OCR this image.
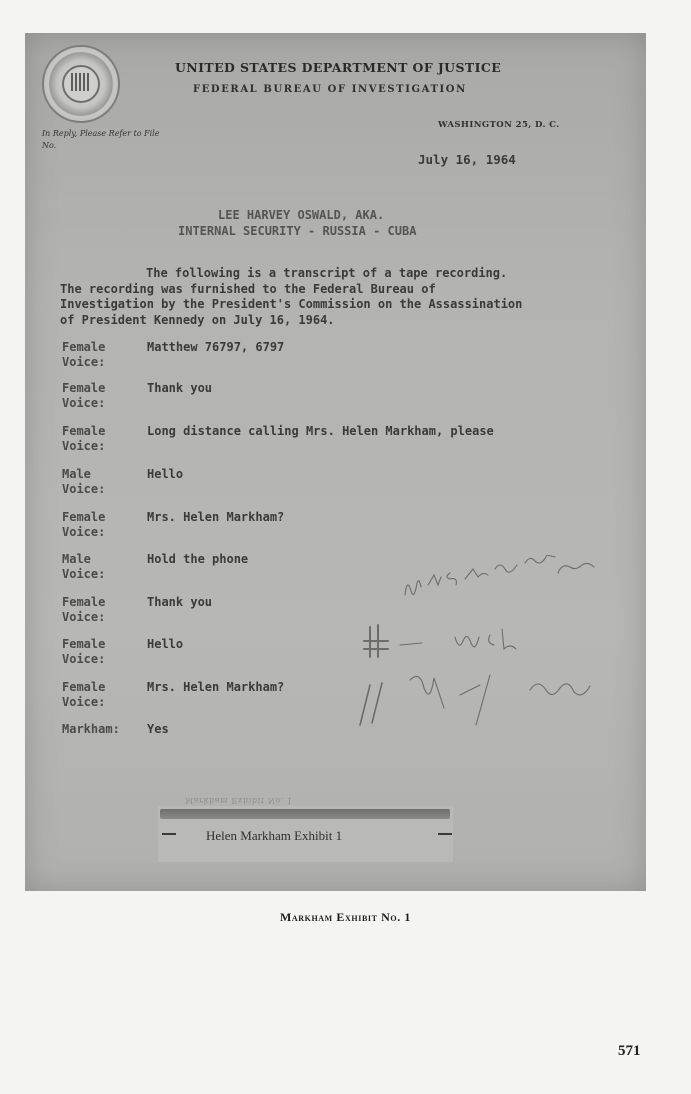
UNITED STATES DEPARTMENT OF JUSTICE
FEDERAL BUREAU OF INVESTIGATION
In Reply, Please Refer to File No.
WASHINGTON 25, D. C.
July 16, 1964
LEE HARVEY OSWALD, AKA.
INTERNAL SECURITY - RUSSIA - CUBA
The following is a transcript of a tape recording.
The recording was furnished to the Federal Bureau of
Investigation by the President's Commission on the Assassination
of President Kennedy on July 16, 1964.
Female
Voice:
Matthew 76797, 6797
Female
Voice:
Thank you
Female
Voice:
Long distance calling Mrs. Helen Markham, please
Male
Voice:
Hello
Female
Voice:
Mrs. Helen Markham?
Male
Voice:
Hold the phone
Female
Voice:
Thank you
Female
Voice:
Hello
Female
Voice:
Mrs. Helen Markham?
Markham: Yes
Markham Exhibit No. 1
Helen Markham Exhibit 1
Markham Exhibit No. 1
571
